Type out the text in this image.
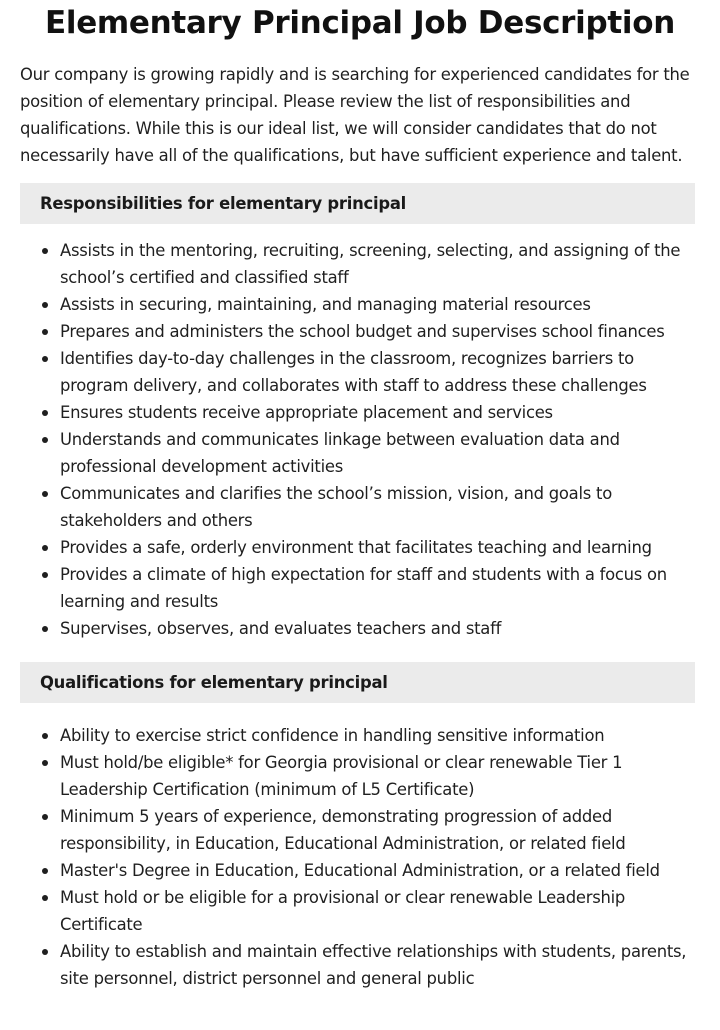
Elementary Principal Job Description

Our company is growing rapidly and is searching for experienced candidates for the position of elementary principal. Please review the list of responsibilities and qualifications. While this is our ideal list, we will consider candidates that do not necessarily have all of the qualifications, but have sufficient experience and talent.

Responsibilities for elementary principal
Assists in the mentoring, recruiting, screening, selecting, and assigning of the school’s certified and classified staff
Assists in securing, maintaining, and managing material resources
Prepares and administers the school budget and supervises school finances
Identifies day-to-day challenges in the classroom, recognizes barriers to program delivery, and collaborates with staff to address these challenges
Ensures students receive appropriate placement and services
Understands and communicates linkage between evaluation data and professional development activities
Communicates and clarifies the school’s mission, vision, and goals to stakeholders and others
Provides a safe, orderly environment that facilitates teaching and learning
Provides a climate of high expectation for staff and students with a focus on learning and results
Supervises, observes, and evaluates teachers and staff
Qualifications for elementary principal
Ability to exercise strict confidence in handling sensitive information
Must hold/be eligible* for Georgia provisional or clear renewable Tier 1 Leadership Certification (minimum of L5 Certificate)
Minimum 5 years of experience, demonstrating progression of added responsibility, in Education, Educational Administration, or related field
Master's Degree in Education, Educational Administration, or a related field
Must hold or be eligible for a provisional or clear renewable Leadership Certificate
Ability to establish and maintain effective relationships with students, parents, site personnel, district personnel and general public
